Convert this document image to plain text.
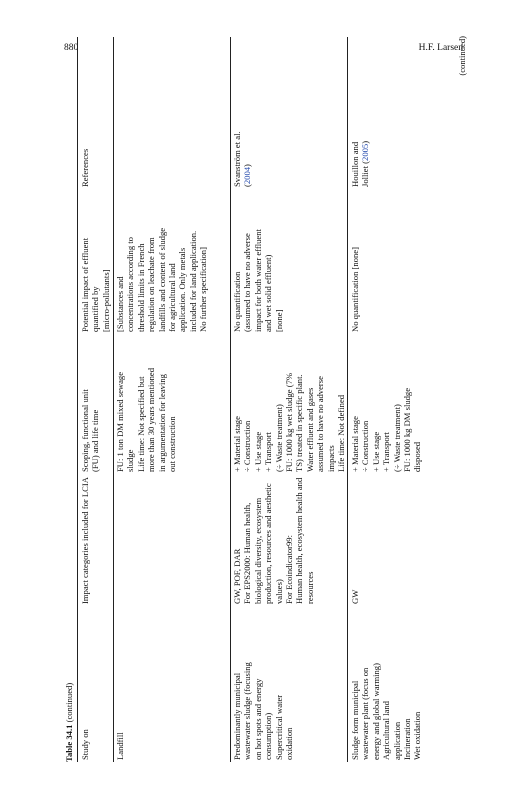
880	H.F. Larsen
Table 34.1 (continued)
Study on
Impact categories included for LCIA
Scoping, functional unit (FU) and life time
Potential impact of effluent quantified by [micro-pollutants]
References
Landfill
FU: 1 ton DM mixed sewage sludge Life time: Not specified but more than 30 years mentioned in argumentation for leaving out construction
[Substances and concentrations according to threshold limits in French regulation on leachate from landfills and content of sludge for agricultural land application. Only metals included for land application. No further specification]
Predominantly municipal wastewater sludge (focusing on hot spots and energy consumption) Supercritical water oxidation
GW, POF, DAR For EPS2000: Human health, biological diversity, ecosystem production, resources and aesthetic values) For Ecoindicator99: Human health, ecosystem health and resources
+ Material stage ÷ Construction + Use stage + Transport (÷ Waste treatment) FU: 1000 kg wet sludge (7% TS) treated in specific plant. Water effluent and gases assumed to have no adverse impacts Life time: Not defined
No quantification (assumed to have no adverse impact for both water effluent and wet solid effluent) [none]
Svanström et al. (2004)
Sludge form municipal wastewater plant (focus on energy and global warming) Agricultural land application Incineration Wet oxidation
GW
+ Material stage ÷ Construction + Use stage + Transport (÷ Waste treatment) FU: 1000 kg DM sludge disposed
No quantification [none]
Houillon and Jolliet (2005)
(continued)
